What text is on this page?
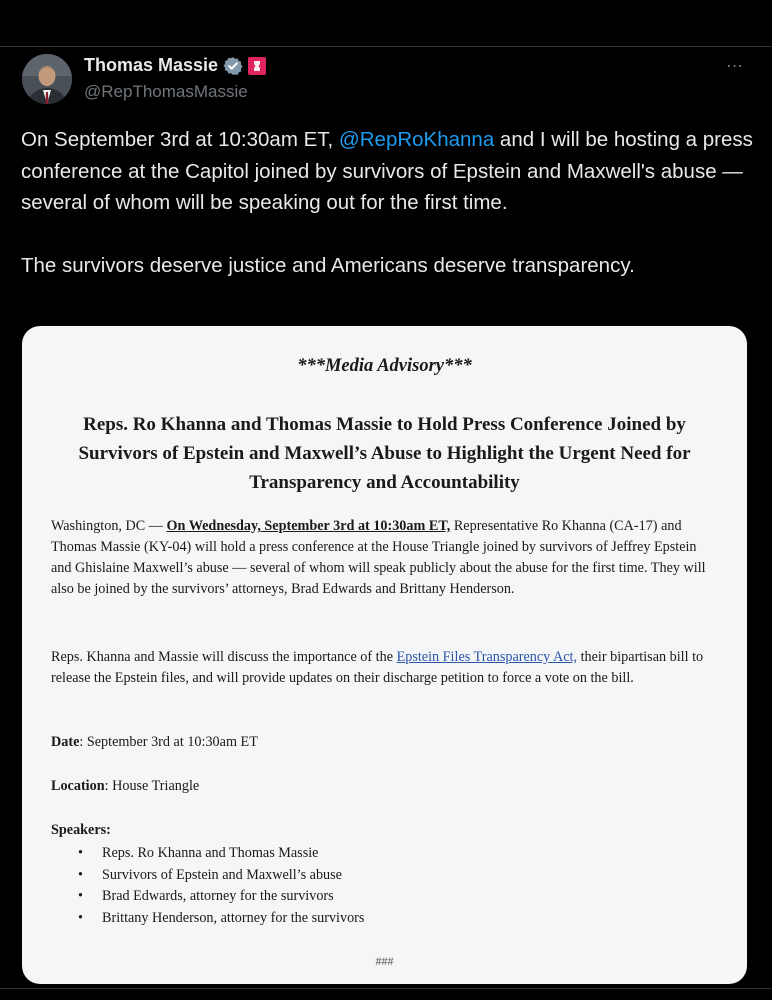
Thomas Massie
@RepThomasMassie
…

On September 3rd at 10:30am ET, @RepRoKhanna and I will be hosting a press conference at the Capitol joined by survivors of Epstein and Maxwell's abuse — several of whom will be speaking out for the first time.

The survivors deserve justice and Americans deserve transparency.

***Media Advisory***
Reps. Ro Khanna and Thomas Massie to Hold Press Conference Joined by Survivors of Epstein and Maxwell’s Abuse to Highlight the Urgent Need for Transparency and Accountability
Washington, DC — On Wednesday, September 3rd at 10:30am ET, Representative Ro Khanna (CA-17) and Thomas Massie (KY-04) will hold a press conference at the House Triangle joined by survivors of Jeffrey Epstein and Ghislaine Maxwell’s abuse — several of whom will speak publicly about the abuse for the first time. They will also be joined by the survivors’ attorneys, Brad Edwards and Brittany Henderson.
Reps. Khanna and Massie will discuss the importance of the Epstein Files Transparency Act, their bipartisan bill to release the Epstein files, and will provide updates on their discharge petition to force a vote on the bill.
Date: September 3rd at 10:30am ET
Location: House Triangle
Speakers:
• Reps. Ro Khanna and Thomas Massie
• Survivors of Epstein and Maxwell’s abuse
• Brad Edwards, attorney for the survivors
• Brittany Henderson, attorney for the survivors
###
